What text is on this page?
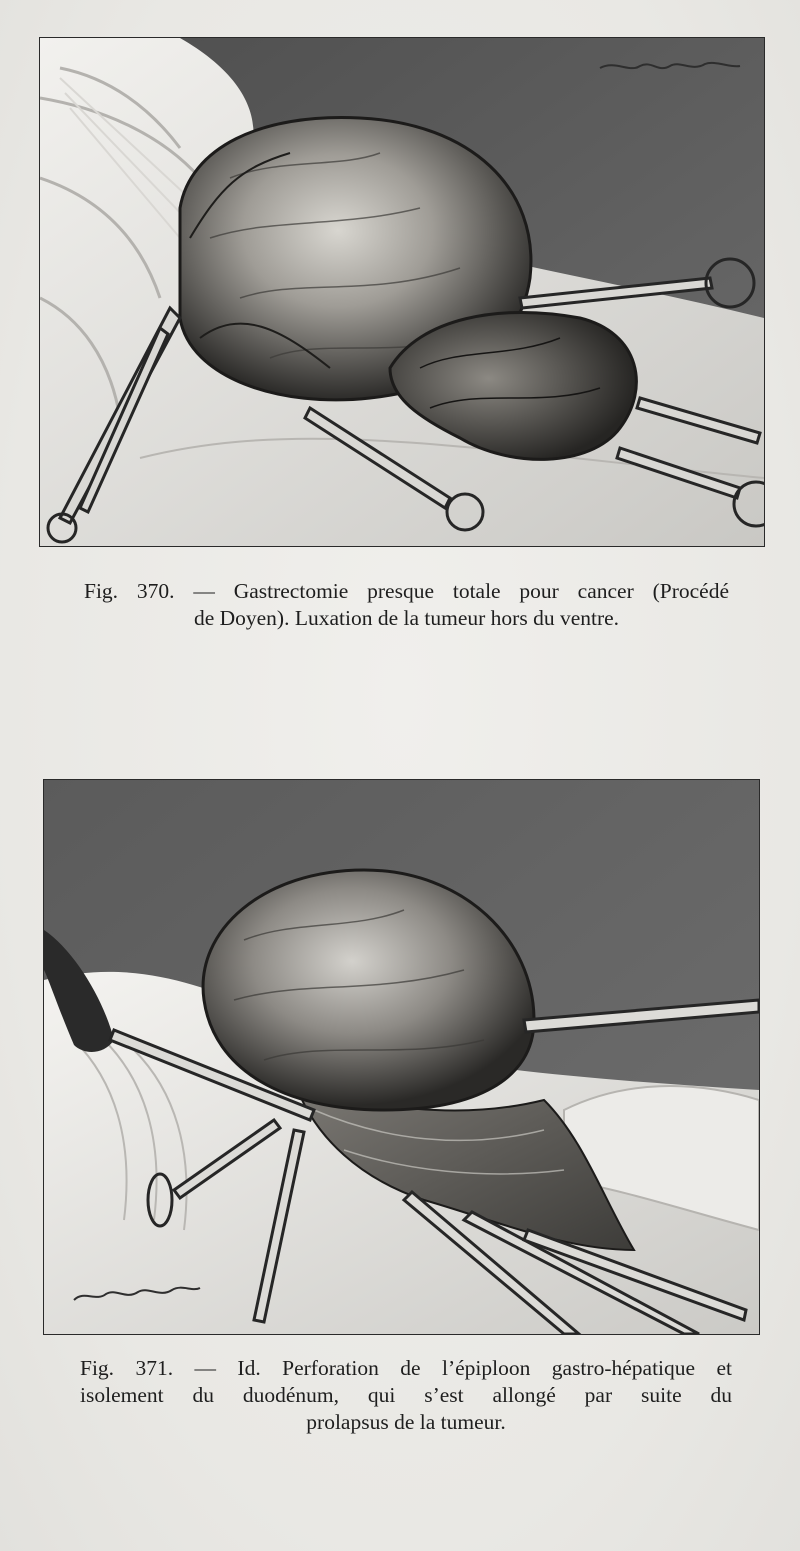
Fig. 370. — Gastrectomie presque totale pour cancer (Procédé
de Doyen). Luxation de la tumeur hors du ventre.
Fig. 371. — Id. Perforation de l’épiploon gastro-hépatique et
isolement du duodénum, qui s’est allongé par suite du
prolapsus de la tumeur.
